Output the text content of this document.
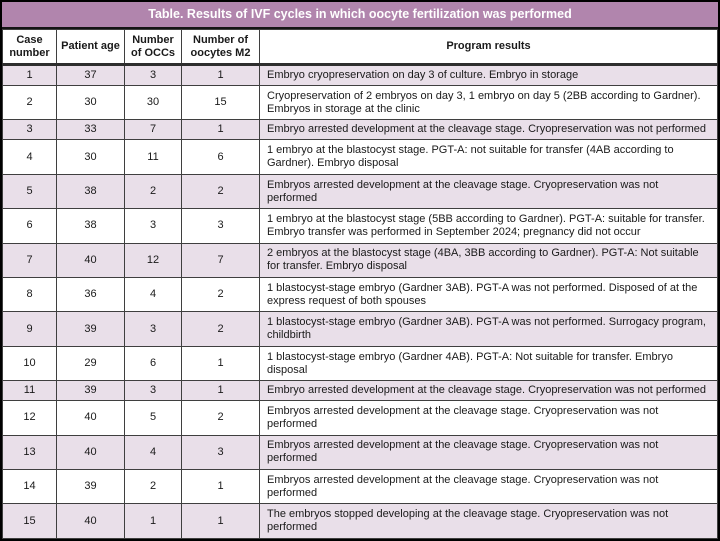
Table. Results of IVF cycles in which oocyte fertilization was performed
Case number	Patient age	Number of OCCs	Number of oocytes M2	Program results
1	37	3	1	Embryo cryopreservation on day 3 of culture. Embryo in storage
2	30	30	15	Cryopreservation of 2 embryos on day 3, 1 embryo on day 5 (2BB according to Gardner). Embryos in storage at the clinic
3	33	7	1	Embryo arrested development at the cleavage stage. Cryopreservation was not performed
4	30	11	6	1 embryo at the blastocyst stage. PGT-A: not suitable for transfer (4AB according to Gardner). Embryo disposal
5	38	2	2	Embryos arrested development at the cleavage stage. Cryopreservation was not performed
6	38	3	3	1 embryo at the blastocyst stage (5BB according to Gardner). PGT-A: suitable for transfer. Embryo transfer was performed in September 2024; pregnancy did not occur
7	40	12	7	2 embryos at the blastocyst stage (4BA, 3BB according to Gardner). PGT-A: Not suitable for transfer. Embryo disposal
8	36	4	2	1 blastocyst-stage embryo (Gardner 3AB). PGT-A was not performed. Disposed of at the express request of both spouses
9	39	3	2	1 blastocyst-stage embryo (Gardner 3AB). PGT-A was not performed. Surrogacy program, childbirth
10	29	6	1	1 blastocyst-stage embryo (Gardner 4AB). PGT-A: Not suitable for transfer. Embryo disposal
11	39	3	1	Embryo arrested development at the cleavage stage. Cryopreservation was not performed
12	40	5	2	Embryos arrested development at the cleavage stage. Cryopreservation was not performed
13	40	4	3	Embryos arrested development at the cleavage stage. Cryopreservation was not performed
14	39	2	1	Embryos arrested development at the cleavage stage. Cryopreservation was not performed
15	40	1	1	The embryos stopped developing at the cleavage stage. Cryopreservation was not performed
